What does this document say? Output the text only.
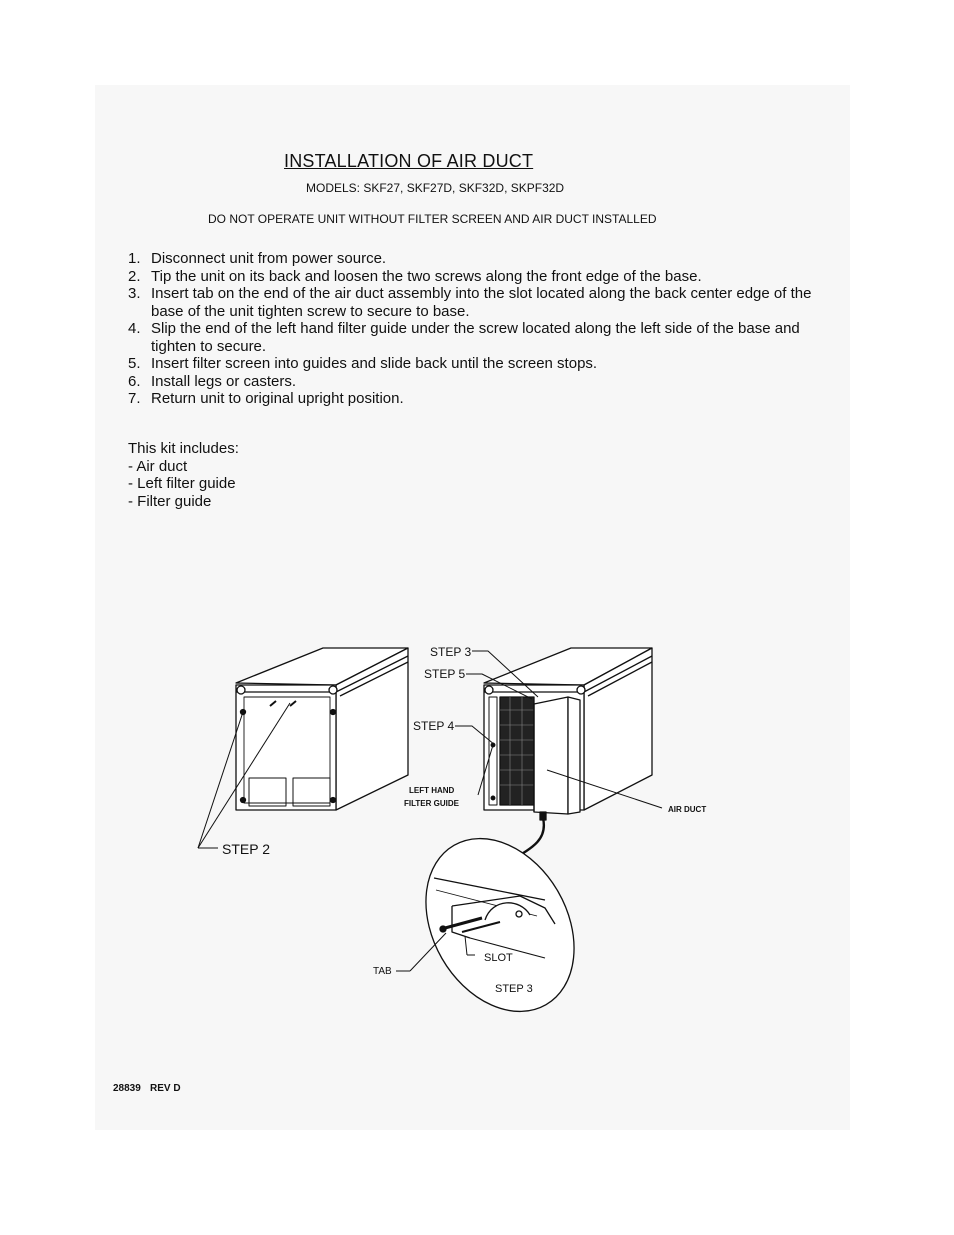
INSTALLATION OF AIR DUCT
MODELS: SKF27, SKF27D, SKF32D, SKPF32D
DO NOT OPERATE UNIT WITHOUT FILTER SCREEN AND AIR DUCT INSTALLED
1. Disconnect unit from power source.
2. Tip the unit on its back and loosen the two screws along the front edge of the base.
3. Insert tab on the end of the air duct assembly into the slot located along the back center edge of the base of the unit tighten screw to secure to base.
4. Slip the end of the left hand filter guide under the screw located along the left side of the base and tighten to secure.
5. Insert filter screen into guides and slide back until the screen stops.
6. Install legs or casters.
7. Return unit to original upright position.
This kit includes:
- Air duct
- Left filter guide
- Filter guide
STEP 3
STEP 5
STEP 4
LEFT HAND
FILTER GUIDE
AIR DUCT
STEP 2
TAB
SLOT
STEP 3
28839 REV D
